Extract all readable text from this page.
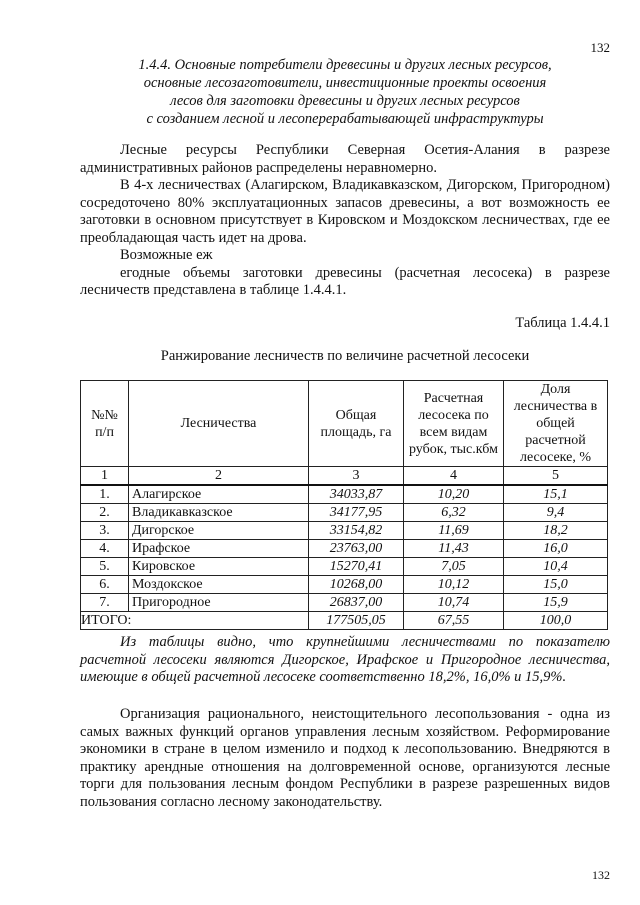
132
1.4.4. Основные потребители древесины и других лесных ресурсов,
основные лесозаготовители, инвестиционные проекты освоения
лесов для заготовки древесины и других лесных ресурсов
с созданием лесной и лесоперерабатывающей инфраструктуры

Лесные ресурсы Республики Северная Осетия-Алания в разрезе административных районов распределены неравномерно.

В 4-х лесничествах (Алагирском, Владикавказском, Дигорском, Пригородном) сосредоточено 80% эксплуатационных запасов древесины, а вот возможность ее заготовки в основном присутствует в Кировском и Моздокском лесничествах, где ее преобладающая часть идет на дрова.

Возможные еж

егодные объемы заготовки древесины (расчетная лесосека) в разрезе лесничеств представлена в таблице 1.4.4.1.

Таблица 1.4.4.1
Ранжирование лесничеств по величине расчетной лесосеки
№№ п/п	Лесничества	Общая площадь, га	Расчетная лесосека по всем видам рубок, тыс.кбм	Доля лесничества в общей расчетной лесосеке, %
1	2	3	4	5
1.	Алагирское	34033,87	10,20	15,1
2.	Владикавказское	34177,95	6,32	9,4
3.	Дигорское	33154,82	11,69	18,2
4.	Ирафское	23763,00	11,43	16,0
5.	Кировское	15270,41	7,05	10,4
6.	Моздокское	10268,00	10,12	15,0
7.	Пригородное	26837,00	10,74	15,9
ИТОГО:		177505,05	67,55	100,0

Из таблицы видно, что крупнейшими лесничествами по показателю расчетной лесосеки являются Дигорское, Ирафское и Пригородное лесничества, имеющие в общей расчетной лесосеке соответственно 18,2%, 16,0% и 15,9%.

Организация рационального, неистощительного лесопользования - одна из самых важных функций органов управления лесным хозяйством. Реформирование экономики в стране в целом изменило и подход к лесопользованию. Внедряются в практику арендные отношения на долговременной основе, организуются лесные торги для пользования лесным фондом Республики в разрезе разрешенных видов пользования согласно лесному законодательству.

132
